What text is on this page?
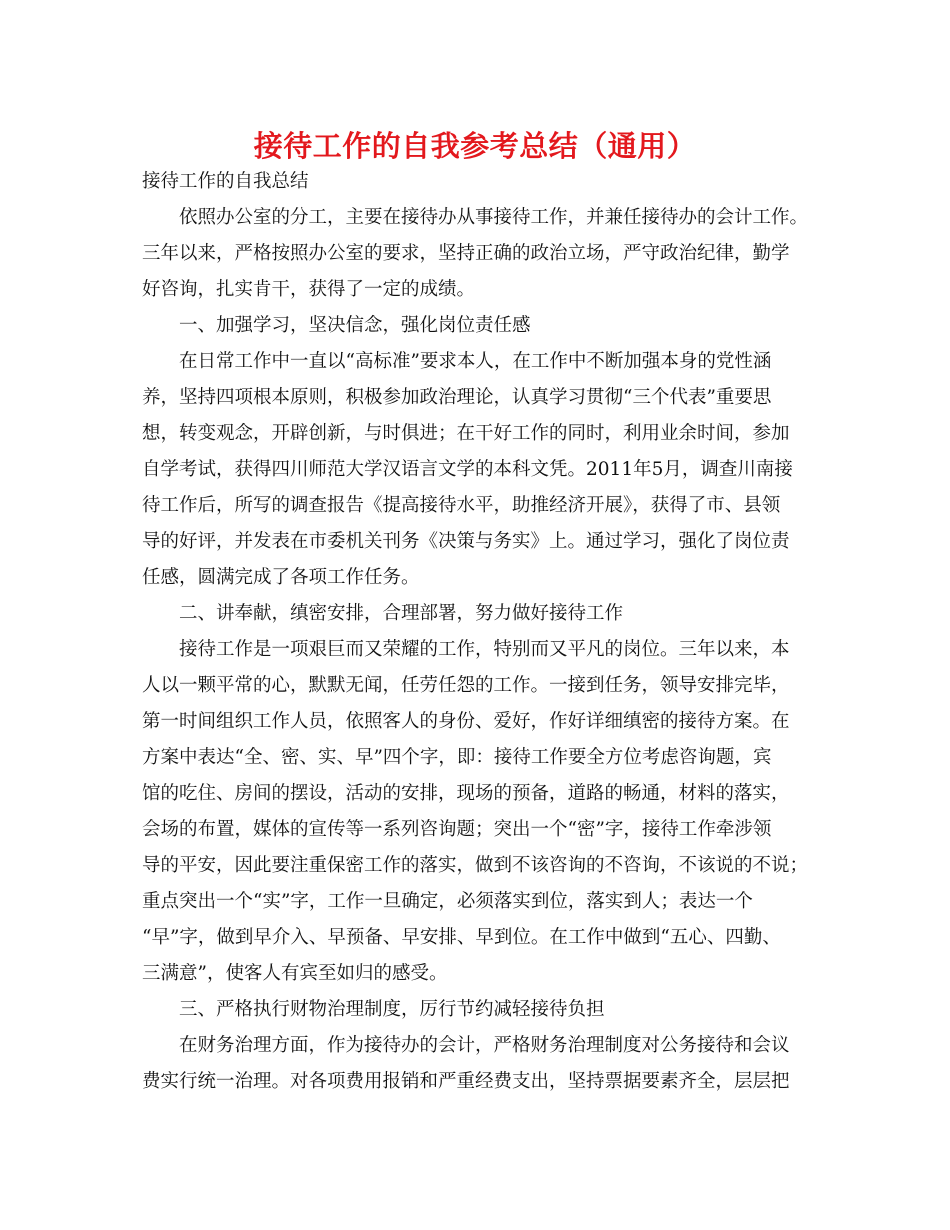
接待工作的自我参考总结（通用）

接待工作的自我总结

依照办公室的分工，主要在接待办从事接待工作，并兼任接待办的会计工作。
三年以来，严格按照办公室的要求，坚持正确的政治立场，严守政治纪律，勤学
好咨询，扎实肯干，获得了一定的成绩。
一、加强学习，坚决信念，强化岗位责任感
在日常工作中一直以“高标准”要求本人，在工作中不断加强本身的党性涵
养，坚持四项根本原则，积极参加政治理论，认真学习贯彻“三个代表”重要思
想，转变观念，开辟创新，与时俱进；在干好工作的同时，利用业余时间，参加
自学考试，获得四川师范大学汉语言文学的本科文凭。2011年5月，调查川南接
待工作后，所写的调查报告《提高接待水平，助推经济开展》，获得了市、县领
导的好评，并发表在市委机关刊务《决策与务实》上。通过学习，强化了岗位责
任感，圆满完成了各项工作任务。
二、讲奉献，缜密安排，合理部署，努力做好接待工作
接待工作是一项艰巨而又荣耀的工作，特别而又平凡的岗位。三年以来，本
人以一颗平常的心，默默无闻，任劳任怨的工作。一接到任务，领导安排完毕，
第一时间组织工作人员，依照客人的身份、爱好，作好详细缜密的接待方案。在
方案中表达“全、密、实、早”四个字，即：接待工作要全方位考虑咨询题，宾
馆的吃住、房间的摆设，活动的安排，现场的预备，道路的畅通，材料的落实，
会场的布置，媒体的宣传等一系列咨询题；突出一个“密”字，接待工作牵涉领
导的平安，因此要注重保密工作的落实，做到不该咨询的不咨询，不该说的不说；
重点突出一个“实”字，工作一旦确定，必须落实到位，落实到人；表达一个
“早”字，做到早介入、早预备、早安排、早到位。在工作中做到“五心、四勤、
三满意”，使客人有宾至如归的感受。
三、严格执行财物治理制度，厉行节约减轻接待负担
在财务治理方面，作为接待办的会计，严格财务治理制度对公务接待和会议
费实行统一治理。对各项费用报销和严重经费支出，坚持票据要素齐全，层层把
